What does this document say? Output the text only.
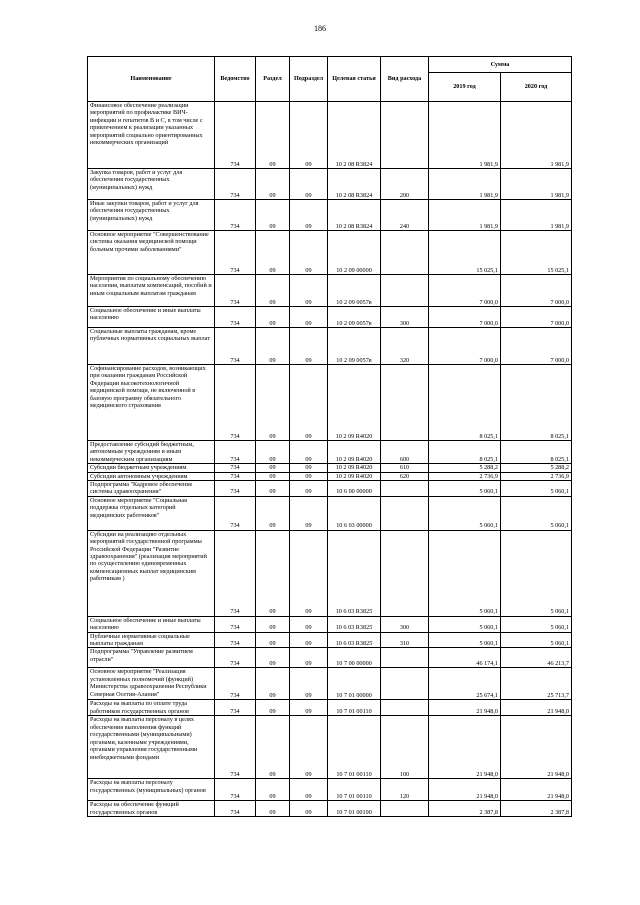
186
Наименование	Ведомство	Раздел	Подраздел	Целевая статья	Вид расхода	Сумма	
						2019 год	2020 год
Финансовое обеспечение реализации мероприятий по профилактике ВИЧ-инфекции и гепатитов В и С, в том числе с привлечением к реализации указанных мероприятий социально ориентированных некоммерческих организаций	734	09	09	10 2 08 R3824		1 981,9	1 981,9
Закупка товаров, работ и услуг для обеспечения государственных (муниципальных) нужд	734	09	09	10 2 08 R3824	200	1 981,9	1 981,9
Иные закупки товаров, работ и услуг для обеспечения государственных (муниципальных) нужд	734	09	09	10 2 08 R3824	240	1 981,9	1 981,9
Основное мероприятие "Совершенствование системы оказания медицинской помощи больным прочими заболеваниями"	734	09	09	10 2 09 00000		15 025,1	15 025,1
Мероприятия по социальному обеспечению населения, выплатам компенсаций, пособий и иным социальным выплатам гражданам	734	09	09	10 2 09 0057в		7 000,0	7 000,0
Социальное обеспечение и иные выплаты населению	734	09	09	10 2 09 0057в	300	7 000,0	7 000,0
Социальные выплаты гражданам, кроме публичных нормативных социальных выплат	734	09	09	10 2 09 0057в	320	7 000,0	7 000,0
Софинансирование расходов, возникающих при оказании гражданам Российской Федерации высокотехнологичной медицинской помощи, не включенной в базовую программу обязательного медицинского страхования	734	09	09	10 2 09 R4020		8 025,1	8 025,1
Предоставление субсидий бюджетным, автономным учреждениям и иным некоммерческим организациям	734	09	09	10 2 09 R4020	600	8 025,1	8 025,1
Субсидии бюджетным учреждениям	734	09	09	10 2 09 R4020	610	5 288,2	5 288,2
Субсидии автономным учреждениям	734	09	09	10 2 09 R4020	620	2 736,9	2 736,9
Подпрограмма "Кадровое обеспечение системы здравоохранения"	734	09	09	10 6 00 00000		5 060,1	5 060,1
Основное мероприятие "Социальная поддержка отдельных категорий медицинских работников"	734	09	09	10 6 03 00000		5 060,1	5 060,1
Субсидии на реализацию отдельных мероприятий государственной программы Российской Федерации "Развитие здравоохранения" (реализация мероприятий по осуществлению единовременных компенсационных выплат медицинским работникам )	734	09	09	10 6 03 R3825		5 060,1	5 060,1
Социальное обеспечение и иные выплаты населению	734	09	09	10 6 03 R3825	300	5 060,1	5 060,1
Публичные нормативные социальные выплаты гражданам	734	09	09	10 6 03 R3825	310	5 060,1	5 060,1
Подпрограмма "Управление развитием отрасли"	734	09	09	10 7 00 00000		46 174,1	46 213,7
Основное мероприятие "Реализация установленных полномочий (функций) Министерства здравоохранения Республики Северная Осетия-Алания"	734	09	09	10 7 01 00000		25 674,1	25 713,7
Расходы на выплаты по оплате труда работников государственных органов	734	09	09	10 7 01 00110		21 948,0	21 948,0
Расходы на выплаты персоналу в целях обеспечения выполнения функций государственными (муниципальными) органами, казенными учреждениями, органами управления государственными внебюджетными фондами	734	09	09	10 7 01 00110	100	21 948,0	21 948,0
Расходы на выплаты персоналу государственных (муниципальных) органов	734	09	09	10 7 01 00110	120	21 948,0	21 948,0
Расходы на обеспечение функций государственных органов	734	09	09	10 7 01 00190		2 387,8	2 387,8
